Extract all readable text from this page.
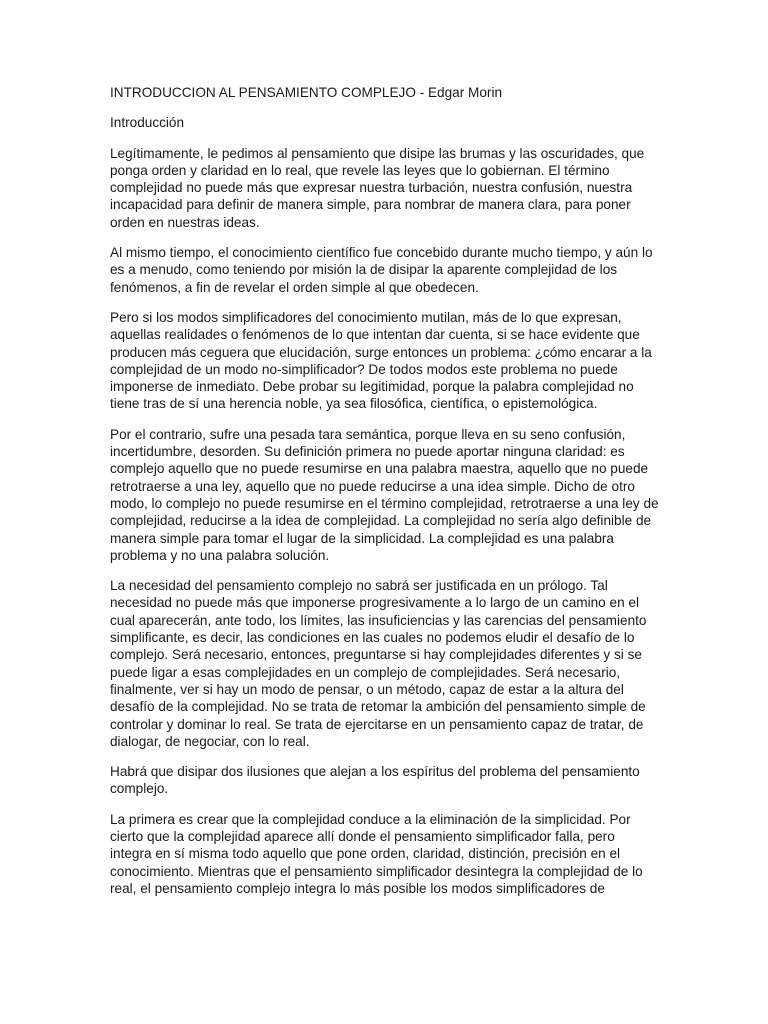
INTRODUCCION AL PENSAMIENTO COMPLEJO - Edgar Morin

Introducción

Legítimamente, le pedimos al pensamiento que disipe las brumas y las oscuridades, que ponga orden y claridad en lo real, que revele las leyes que lo gobiernan. El término complejidad no puede más que expresar nuestra turbación, nuestra confusión, nuestra incapacidad para definir de manera simple, para nombrar de manera clara, para poner orden en nuestras ideas.

Al mismo tiempo, el conocimiento científico fue concebido durante mucho tiempo, y aún lo es a menudo, como teniendo por misión la de disipar la aparente complejidad de los fenómenos, a fin de revelar el orden simple al que obedecen.

Pero si los modos simplificadores del conocimiento mutilan, más de lo que expresan, aquellas realidades o fenómenos de lo que intentan dar cuenta, si se hace evidente que producen más ceguera que elucidación, surge entonces un problema: ¿cómo encarar a la complejidad de un modo no-simplificador? De todos modos este problema no puede imponerse de inmediato. Debe probar su legitimidad, porque la palabra complejidad no tiene tras de sí una herencia noble, ya sea filosófica, científica, o epistemológica.

Por el contrario, sufre una pesada tara semántica, porque lleva en su seno confusión, incertidumbre, desorden. Su definición primera no puede aportar ninguna claridad: es complejo aquello que no puede resumirse en una palabra maestra, aquello que no puede retrotraerse a una ley, aquello que no puede reducirse a una idea simple. Dicho de otro modo, lo complejo no puede resumirse en el término complejidad, retrotraerse a una ley de complejidad, reducirse a la idea de complejidad. La complejidad no sería algo definible de manera simple para tomar el lugar de la simplicidad. La complejidad es una palabra problema y no una palabra solución.

La necesidad del pensamiento complejo no sabrá ser justificada en un prólogo. Tal necesidad no puede más que imponerse progresivamente a lo largo de un camino en el cual aparecerán, ante todo, los límites, las insuficiencias y las carencias del pensamiento simplificante, es decir, las condiciones en las cuales no podemos eludir el desafío de lo complejo. Será necesario, entonces, preguntarse si hay complejidades diferentes y si se puede ligar a esas complejidades en un complejo de complejidades. Será necesario, finalmente, ver si hay un modo de pensar, o un método, capaz de estar a la altura del desafío de la complejidad. No se trata de retomar la ambición del pensamiento simple de controlar y dominar lo real. Se trata de ejercitarse en un pensamiento capaz de tratar, de dialogar, de negociar, con lo real.

Habrá que disipar dos ilusiones que alejan a los espíritus del problema del pensamiento complejo.

La primera es crear que la complejidad conduce a la eliminación de la simplicidad. Por cierto que la complejidad aparece allí donde el pensamiento simplificador falla, pero integra en sí misma todo aquello que pone orden, claridad, distinción, precisión en el conocimiento. Mientras que el pensamiento simplificador desintegra la complejidad de lo real, el pensamiento complejo integra lo más posible los modos simplificadores de
